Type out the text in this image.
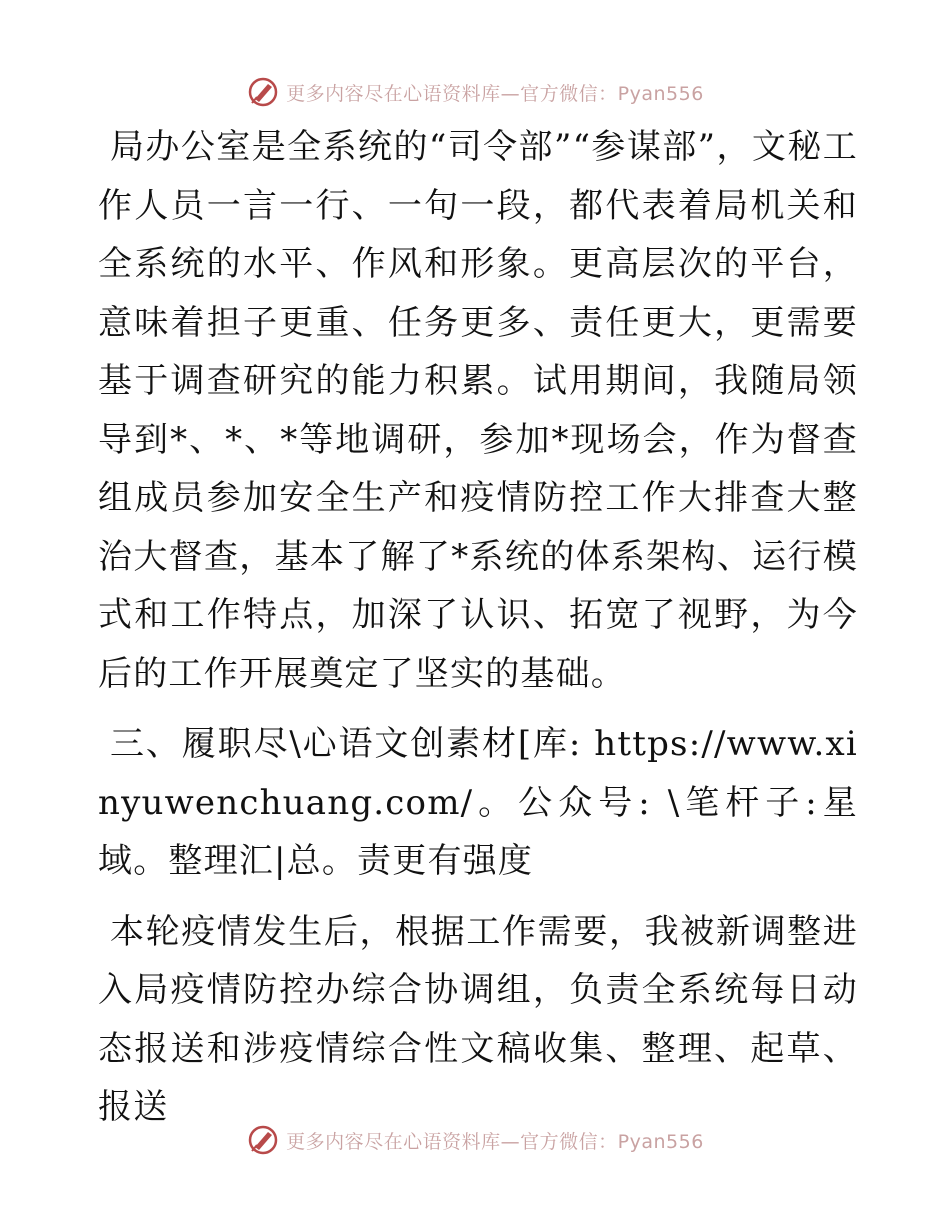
更多内容尽在心语资料库—官方微信：Pyan556

局办公室是全系统的“司令部”“参谋部”，文秘工作人员一言一行、一句一段，都代表着局机关和全系统的水平、作风和形象。更高层次的平台，意味着担子更重、任务更多、责任更大，更需要基于调查研究的能力积累。试用期间，我随局领导到*、*、*等地调研，参加*现场会，作为督查组成员参加安全生产和疫情防控工作大排查大整治大督查，基本了解了*系统的体系架构、运行模式和工作特点，加深了认识、拓宽了视野，为今后的工作开展奠定了坚实的基础。

三、履职尽\心语文创素材[库: https://www.xinyuwenchuang.com/。公众号: \笔杆子:星域。整理汇|总。责更有强度

本轮疫情发生后，根据工作需要，我被新调整进入局疫情防控办综合协调组，负责全系统每日动态报送和涉疫情综合性文稿收集、整理、起草、报送

更多内容尽在心语资料库—官方微信：Pyan556
